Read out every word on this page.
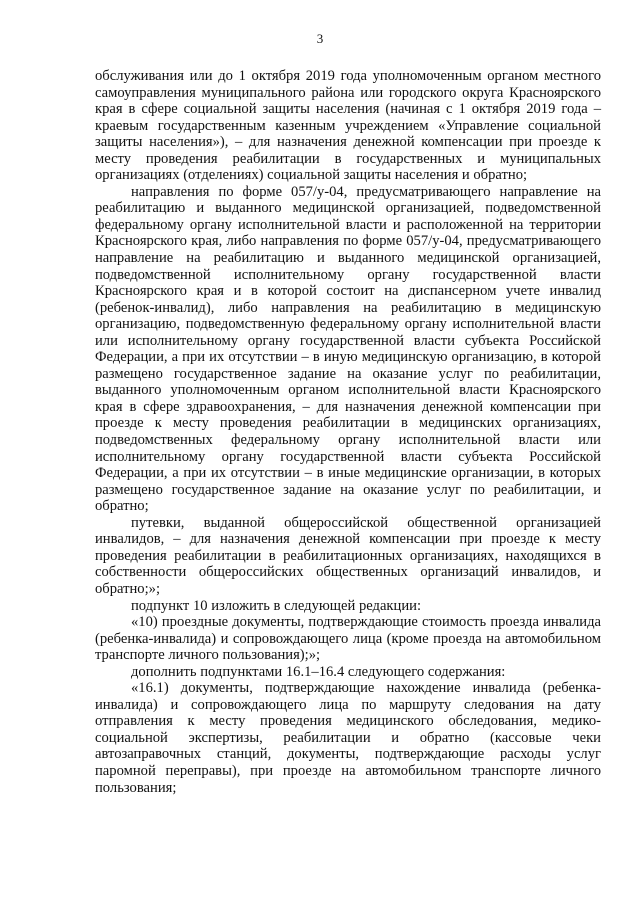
3

обслуживания или до 1 октября 2019 года уполномоченным органом местного самоуправления муниципального района или городского округа Красноярского края в сфере социальной защиты населения (начиная с 1 октября 2019 года – краевым государственным казенным учреждением «Управление социальной защиты населения»), – для назначения денежной компенсации при проезде к месту проведения реабилитации в государственных и муниципальных организациях (отделениях) социальной защиты населения и обратно;

направления по форме 057/у-04, предусматривающего направление на реабилитацию и выданного медицинской организацией, подведомственной федеральному органу исполнительной власти и расположенной на территории Красноярского края, либо направления по форме 057/у-04, предусматривающего направление на реабилитацию и выданного медицинской организацией, подведомственной исполнительному органу государственной власти Красноярского края и в которой состоит на диспансерном учете инвалид (ребенок-инвалид), либо направления на реабилитацию в медицинскую организацию, подведомственную федеральному органу исполнительной власти или исполнительному органу государственной власти субъекта Российской Федерации, а при их отсутствии – в иную медицинскую организацию, в которой размещено государственное задание на оказание услуг по реабилитации, выданного уполномоченным органом исполнительной власти Красноярского края в сфере здравоохранения, – для назначения денежной компенсации при проезде к месту проведения реабилитации в медицинских организациях, подведомственных федеральному органу исполнительной власти или исполнительному органу государственной власти субъекта Российской Федерации, а при их отсутствии – в иные медицинские организации, в которых размещено государственное задание на оказание услуг по реабилитации, и обратно;

путевки, выданной общероссийской общественной организацией инвалидов, – для назначения денежной компенсации при проезде к месту проведения реабилитации в реабилитационных организациях, находящихся в собственности общероссийских общественных организаций инвалидов, и обратно;»;

подпункт 10 изложить в следующей редакции:

«10) проездные документы, подтверждающие стоимость проезда инвалида (ребенка-инвалида) и сопровождающего лица (кроме проезда на автомобильном транспорте личного пользования);»;

дополнить подпунктами 16.1–16.4 следующего содержания:

«16.1) документы, подтверждающие нахождение инвалида (ребенка-инвалида) и сопровождающего лица по маршруту следования на дату отправления к месту проведения медицинского обследования, медико-социальной экспертизы, реабилитации и обратно (кассовые чеки автозаправочных станций, документы, подтверждающие расходы услуг паромной переправы), при проезде на автомобильном транспорте личного пользования;
